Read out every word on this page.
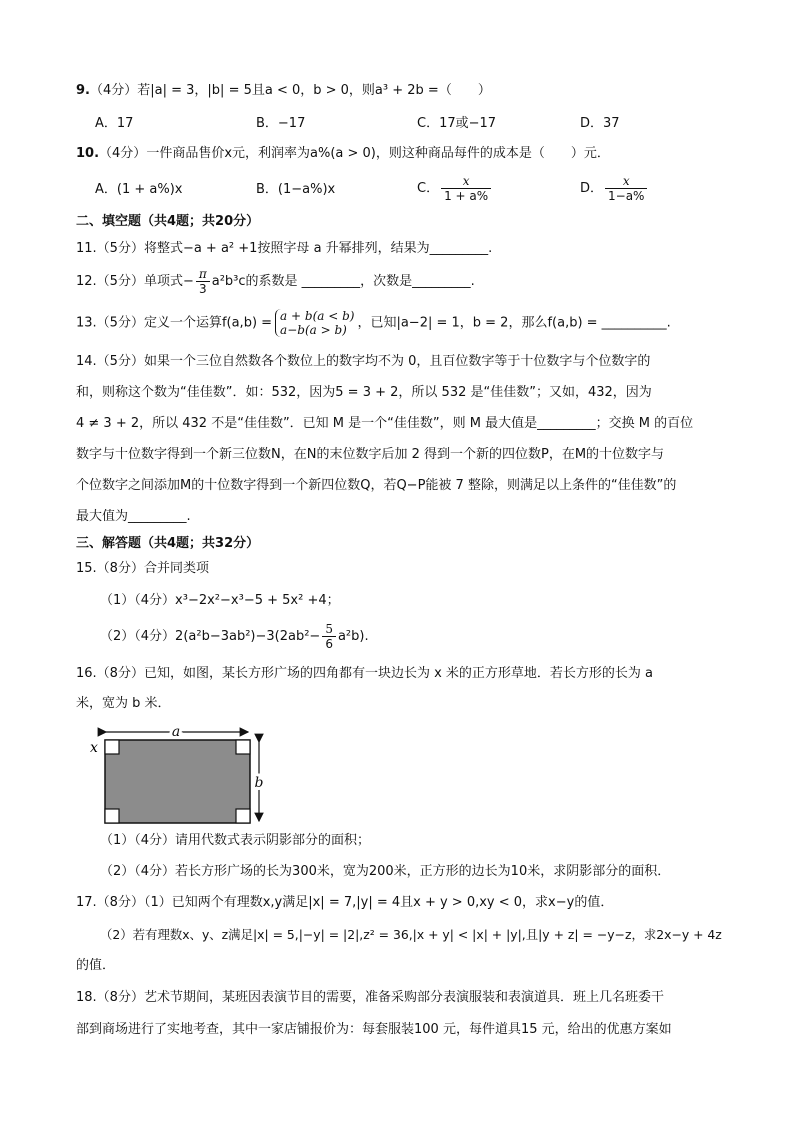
9.（4分）若|a| = 3，|b| = 5且a < 0，b > 0，则a³ + 2b =（　　）
A．17	B．−17	C．17或−17	D．37
10.（4分）一件商品售价x元，利润率为a%(a > 0)，则这种商品每件的成本是（　　）元．
A．(1 + a%)x	B．(1−a%)x	C． $\frac{x}{1 + a\%}$	D． $\frac{x}{1-a\%}$
二、填空题（共4题；共20分）
11.（5分）将整式−a + a² +1按照字母 a 升幂排列，结果为_________.
12.（5分）单项式− $\frac{\pi}{3} a^2b^3c$的系数是 _________，次数是_________.
13.（5分）定义一个运算f(a,b) = a + b(a < b)
a−b(a > b) ，已知|a−2| = 1，b = 2，那么f(a,b) = __________.
14.（5分）如果一个三位自然数各个数位上的数字均不为 0，且百位数字等于十位数字与个位数字的
和，则称这个数为“佳佳数”．如：532，因为5 = 3 + 2，所以 532 是“佳佳数”；又如，432，因为
4 ≠ 3 + 2，所以 432 不是“佳佳数”．已知 M 是一个“佳佳数”，则 M 最大值是_________；交换 M 的百位
数字与十位数字得到一个新三位数N，在N的末位数字后加 2 得到一个新的四位数P，在M的十位数字与
个位数字之间添加M的十位数字得到一个新四位数Q，若Q−P能被 7 整除，则满足以上条件的“佳佳数”的
最大值为_________.
三、解答题（共4题；共32分）
15.（8分）合并同类项
（1）（4分）x³−2x²−x³−5 + 5x² +4；
（2）（4分）$2(a^2b-3ab^2)-3(2ab^2- \frac{5}{6} a^2b)$.
16.（8分）已知，如图，某长方形广场的四角都有一块边长为 x 米的正方形草地．若长方形的长为 a
米，宽为 b 米．
a
b
x
（1）（4分）请用代数式表示阴影部分的面积；
（2）（4分）若长方形广场的长为300米，宽为200米，正方形的边长为10米，求阴影部分的面积．
17.（8分）（1）已知两个有理数x,y满足|x| = 7,|y| = 4且x + y > 0,xy < 0，求x−y的值．
（2）若有理数x、y、z满足|x| = 5,|−y| = |2|,z² = 36,|x + y| < |x| + |y|,且|y + z| = −y−z，求2x−y + 4z
的值．
18.（8分）艺术节期间，某班因表演节目的需要，准备采购部分表演服装和表演道具．班上几名班委干
部到商场进行了实地考查，其中一家店铺报价为：每套服装100 元，每件道具15 元，给出的优惠方案如
